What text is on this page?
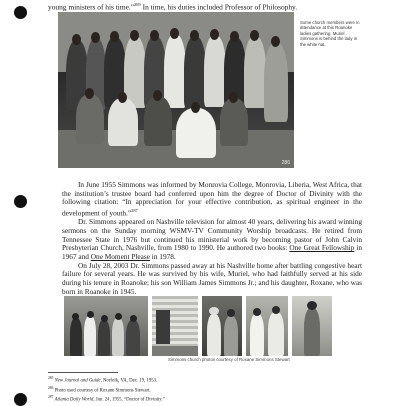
young ministers of his time.”$^{289}$ In time, his duties included Professor of Philosophy.
286
Some church members were in attendance at this Roanoke ladies gathering. Muriel Simmons is behind the lady in the white hat.

In June 1955 Simmons was informed by Monrovia College, Monrovia, Liberia, West Africa, that the institution’s trustee board had conferred upon him the degree of Doctor of Divinity with the following citation: “In appreciation for your effective contribution, as spiritual engineer in the development of youth.”$^{287}$

Dr. Simmons appeared on Nashville television for almost 40 years, delivering his award winning sermons on the Sunday morning WSMV-TV Community Worship broadcasts. He retired from Tennessee State in 1976 but continued his ministerial work by becoming pastor of John Calvin Presbyterian Church, Nashville, from 1980 to 1990. He authored two books: One Great Fellowship in 1967 and One Moment Please in 1978.

On July 28, 2003 Dr. Simmons passed away at his Nashville home after battling congestive heart failure for several years. He was survived by his wife, Muriel, who had faithfully served at his side during his tenure in Roanoke; his son William James Simmons Jr.; and his daughter, Roxane, who was born in Roanoke in 1945.

Simmons church photos courtesy of Roxane Simmons Stewart
$^{285}$ New Journal and Guide, Norfolk, VA, Dec. 19, 1953.
$^{286}$ Photo used courtesy of Roxane Simmons Stewart.
$^{287}$ Atlanta Daily World, Jun. 24, 1955, “Doctor of Divinity.”
